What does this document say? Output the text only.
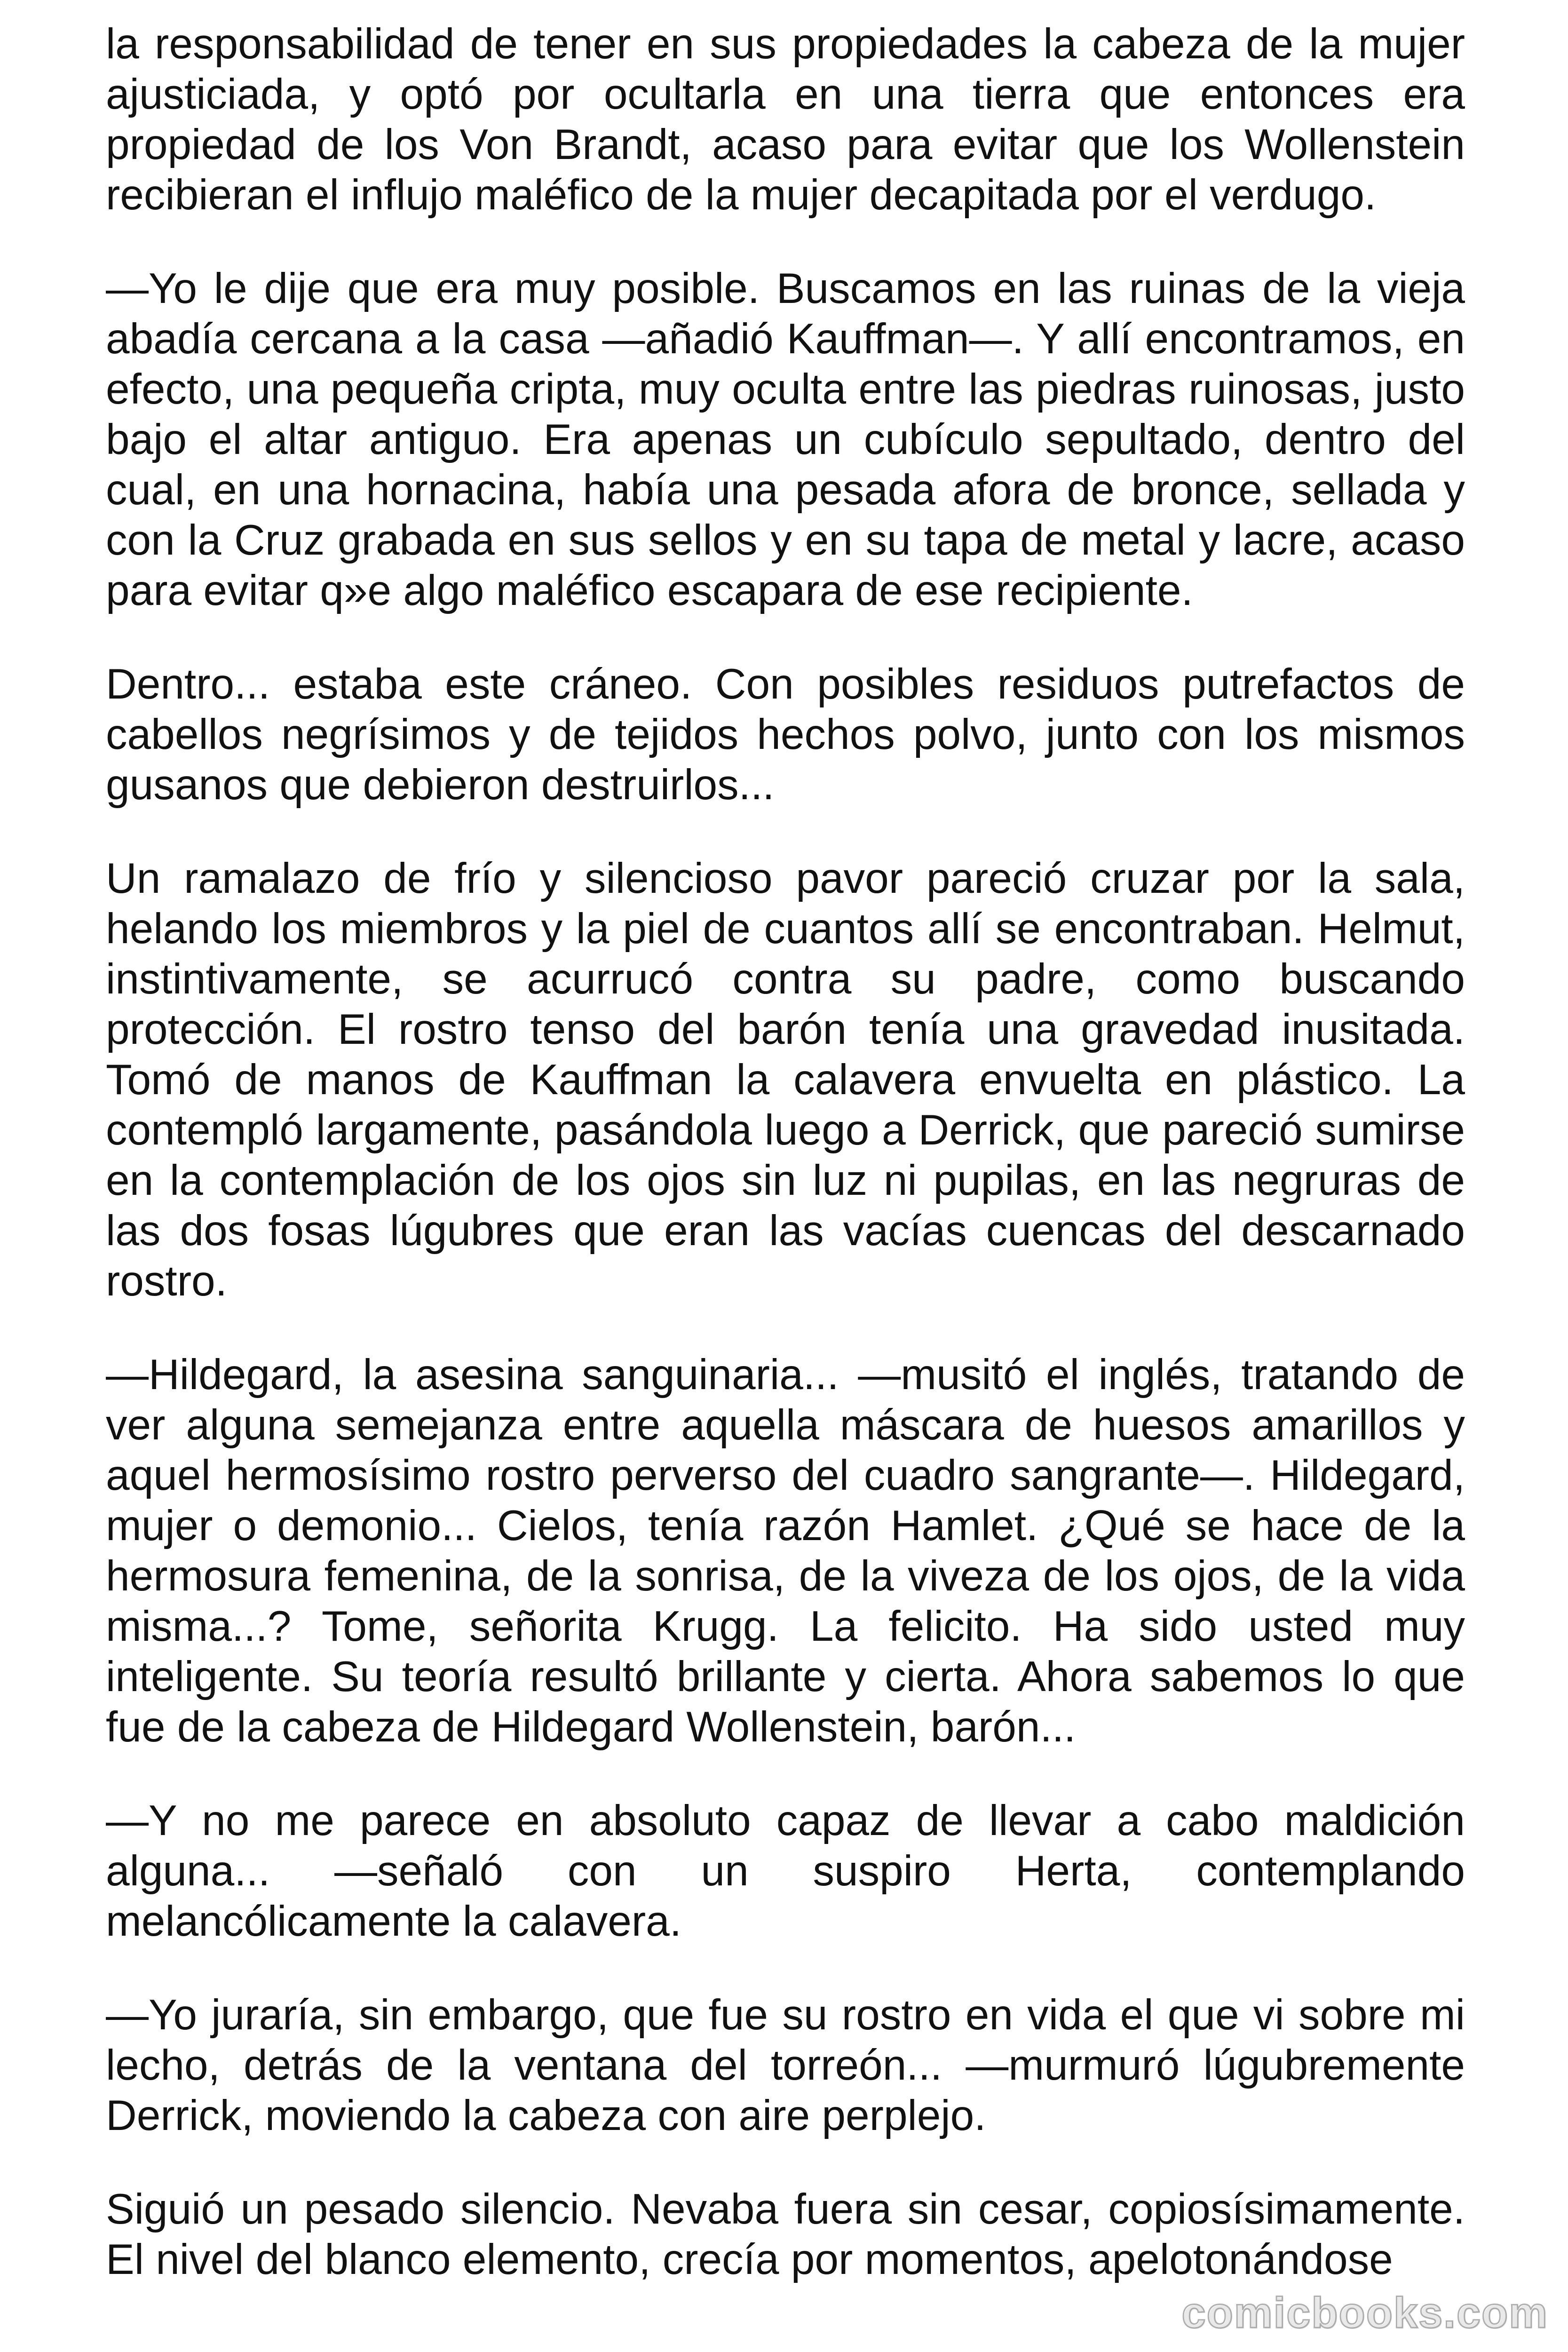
la responsabilidad de tener en sus propiedades la cabeza de la mujer ajusticiada, y optó por ocultarla en una tierra que entonces era propiedad de los Von Brandt, acaso para evitar que los Wollenstein recibieran el influjo maléfico de la mujer decapitada por el verdugo.

—Yo le dije que era muy posible. Buscamos en las ruinas de la vieja abadía cercana a la casa —añadió Kauffman—. Y allí encontramos, en efecto, una pequeña cripta, muy oculta entre las piedras ruinosas, justo bajo el altar antiguo. Era apenas un cubículo sepultado, dentro del cual, en una hornacina, había una pesada afora de bronce, sellada y con la Cruz grabada en sus sellos y en su tapa de metal y lacre, acaso para evitar q»e algo maléfico escapara de ese recipiente.

Dentro... estaba este cráneo. Con posibles residuos putrefactos de cabellos negrísimos y de tejidos hechos polvo, junto con los mismos gusanos que debieron destruirlos...

Un ramalazo de frío y silencioso pavor pareció cruzar por la sala, helando los miembros y la piel de cuantos allí se encontraban. Helmut, instintivamente, se acurrucó contra su padre, como buscando protección. El rostro tenso del barón tenía una gravedad inusitada. Tomó de manos de Kauffman la calavera envuelta en plástico. La contempló largamente, pasándola luego a Derrick, que pareció sumirse en la contemplación de los ojos sin luz ni pupilas, en las negruras de las dos fosas lúgubres que eran las vacías cuencas del descarnado rostro.

—Hildegard, la asesina sanguinaria... —musitó el inglés, tratando de ver alguna semejanza entre aquella máscara de huesos amarillos y aquel hermosísimo rostro perverso del cuadro sangrante—. Hildegard, mujer o demonio... Cielos, tenía razón Hamlet. ¿Qué se hace de la hermosura femenina, de la sonrisa, de la viveza de los ojos, de la vida misma...? Tome, señorita Krugg. La felicito. Ha sido usted muy inteligente. Su teoría resultó brillante y cierta. Ahora sabemos lo que fue de la cabeza de Hildegard Wollenstein, barón...

—Y no me parece en absoluto capaz de llevar a cabo maldición alguna... —señaló con un suspiro Herta, contemplando melancólicamente la calavera.

—Yo juraría, sin embargo, que fue su rostro en vida el que vi sobre mi lecho, detrás de la ventana del torreón... —murmuró lúgubremente Derrick, moviendo la cabeza con aire perplejo.

Siguió un pesado silencio. Nevaba fuera sin cesar, copiosísimamente. El nivel del blanco elemento, crecía por momentos, apelotonándose

comicbooks.com
